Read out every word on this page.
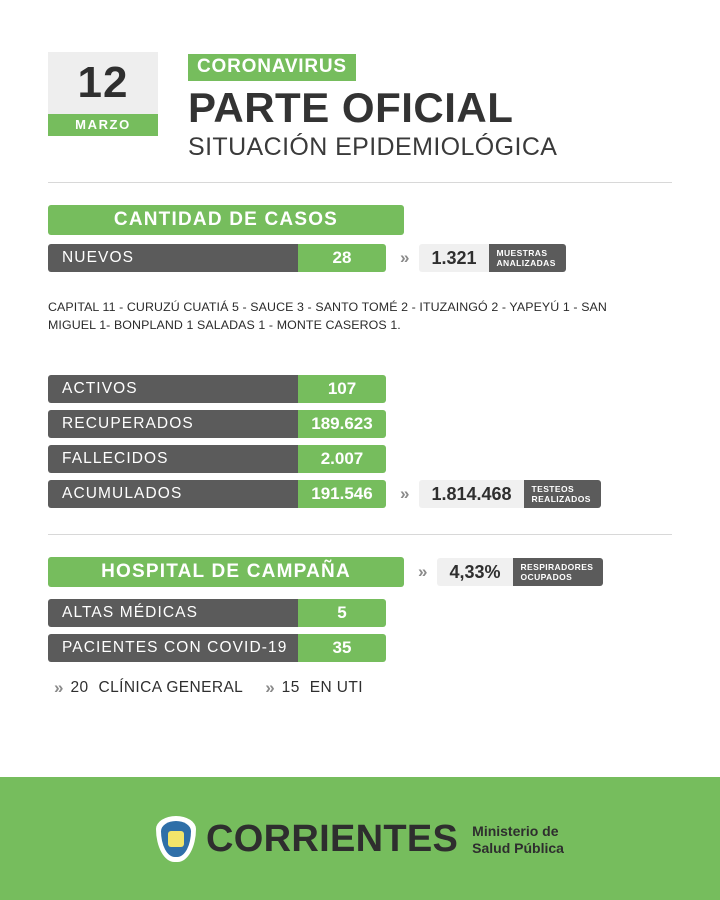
12
MARZO
CORONAVIRUS
PARTE OFICIAL
SITUACIÓN EPIDEMIOLÓGICA
CANTIDAD DE CASOS
NUEVOS	28	»	1.321	MUESTRAS
ANALIZADAS
CAPITAL 11 - CURUZÚ CUATIÁ 5 - SAUCE 3 - SANTO TOMÉ 2 - ITUZAINGÓ 2 - YAPEYÚ 1 - SAN MIGUEL 1- BONPLAND 1 SALADAS 1 - MONTE CASEROS 1.
ACTIVOS	107
RECUPERADOS	189.623
FALLECIDOS	2.007
ACUMULADOS	191.546	»	1.814.468	TESTEOS
REALIZADOS
HOSPITAL DE CAMPAÑA	»	4,33%	RESPIRADORES
OCUPADOS
ALTAS MÉDICAS	5
PACIENTES CON COVID-19	35
» 20 CLÍNICA GENERAL » 15 EN UTI
CORRIENTES Ministerio de
Salud Pública
